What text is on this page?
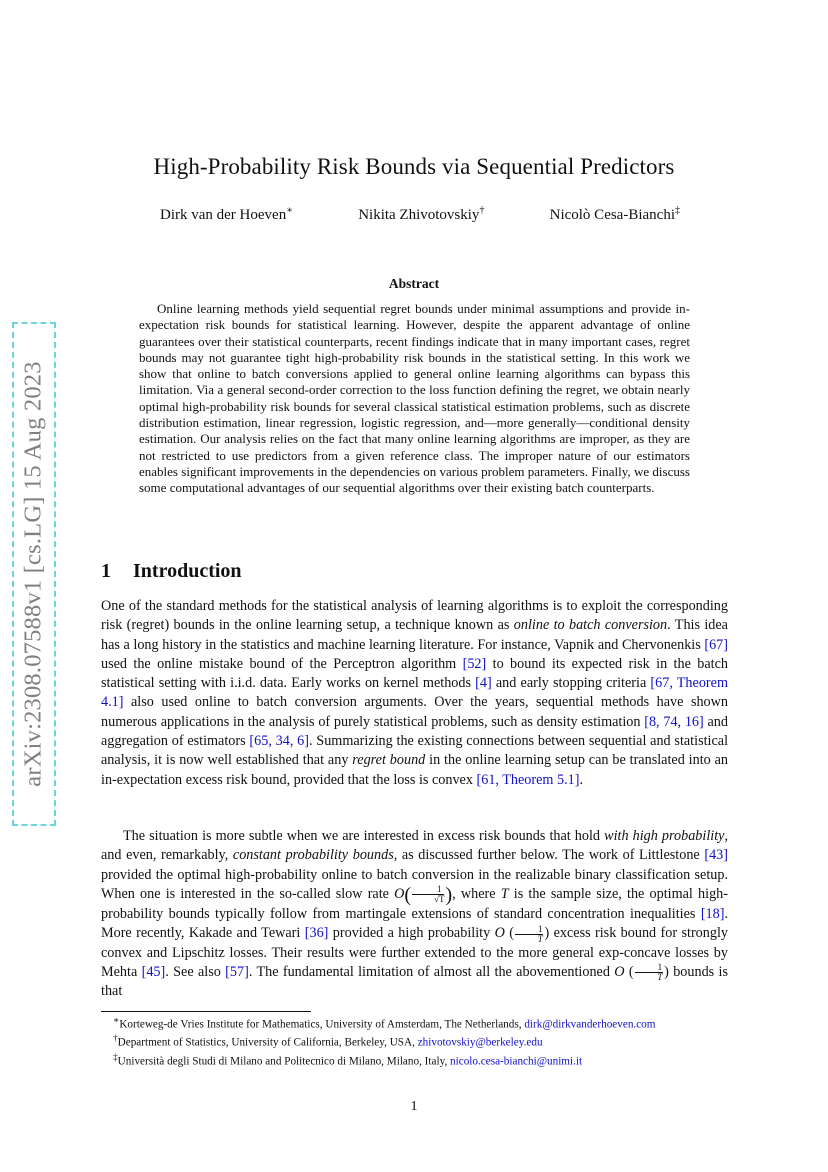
arXiv:2308.07588v1 [cs.LG] 15 Aug 2023
High-Probability Risk Bounds via Sequential Predictors
Dirk van der Hoeven∗	Nikita Zhivotovskiy†	Nicolò Cesa-Bianchi‡
Abstract

Online learning methods yield sequential regret bounds under minimal assumptions and provide in-expectation risk bounds for statistical learning. However, despite the apparent advantage of online guarantees over their statistical counterparts, recent findings indicate that in many important cases, regret bounds may not guarantee tight high-probability risk bounds in the statistical setting. In this work we show that online to batch conversions applied to general online learning algorithms can bypass this limitation. Via a general second-order correction to the loss function defining the regret, we obtain nearly optimal high-probability risk bounds for several classical statistical estimation problems, such as discrete distribution estimation, linear regression, logistic regression, and—more generally—conditional density estimation. Our analysis relies on the fact that many online learning algorithms are improper, as they are not restricted to use predictors from a given reference class. The improper nature of our estimators enables significant improvements in the dependencies on various problem parameters. Finally, we discuss some computational advantages of our sequential algorithms over their existing batch counterparts.

1 Introduction

One of the standard methods for the statistical analysis of learning algorithms is to exploit the corresponding risk (regret) bounds in the online learning setup, a technique known as online to batch conversion. This idea has a long history in the statistics and machine learning literature. For instance, Vapnik and Chervonenkis [67] used the online mistake bound of the Perceptron algorithm [52] to bound its expected risk in the batch statistical setting with i.i.d. data. Early works on kernel methods [4] and early stopping criteria [67, Theorem 4.1] also used online to batch conversion arguments. Over the years, sequential methods have shown numerous applications in the analysis of purely statistical problems, such as density estimation [8, 74, 16] and aggregation of estimators [65, 34, 6]. Summarizing the existing connections between sequential and statistical analysis, it is now well established that any regret bound in the online learning setup can be translated into an in-expectation excess risk bound, provided that the loss is convex [61, Theorem 5.1].

The situation is more subtle when we are interested in excess risk bounds that hold with high probability, and even, remarkably, constant probability bounds, as discussed further below. The work of Littlestone [43] provided the optimal high-probability online to batch conversion in the realizable binary classification setup. When one is interested in the so-called slow rate $O( \frac{1}{√T}$ ), where T is the sample size, the optimal high-probability bounds typically follow from martingale extensions of standard concentration inequalities [18]. More recently, Kakade and Tewari [36] provided a high probability O ( $\frac{1}{T}$ ) excess risk bound for strongly convex and Lipschitz losses. Their results were further extended to the more general exp-concave losses by Mehta [45]. See also [57]. The fundamental limitation of almost all the abovementioned O ( $\frac{1}{T}$ ) bounds is that

∗Korteweg-de Vries Institute for Mathematics, University of Amsterdam, The Netherlands, dirk@dirkvanderhoeven.com

†Department of Statistics, University of California, Berkeley, USA, zhivotovskiy@berkeley.edu

‡Università degli Studi di Milano and Politecnico di Milano, Milano, Italy, nicolo.cesa-bianchi@unimi.it

1
